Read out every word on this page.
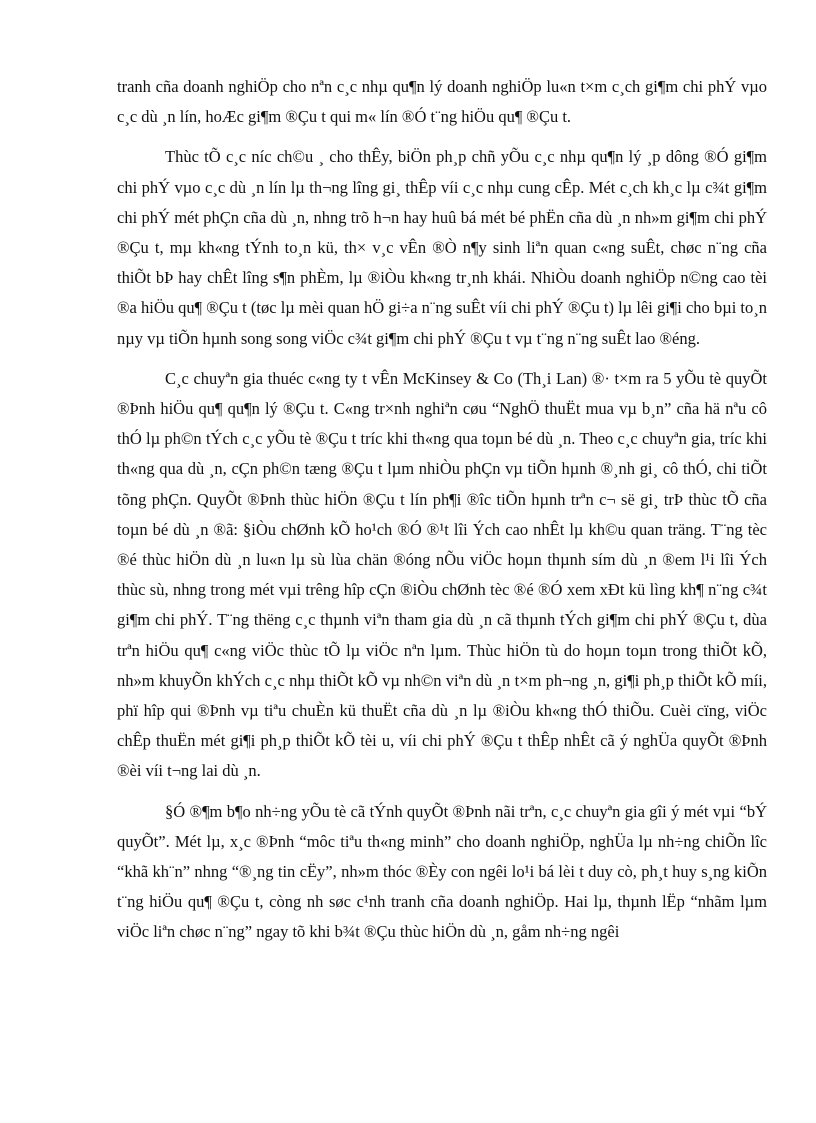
tranh cña doanh nghiÖp cho nªn c¸c nhµ qu¶n lý doanh nghiÖp lu«n t×m c¸ch gi¶m chi phÝ vµo c¸c dù ¸n lín, hoÆc gi¶m ®Çu t qui m« lín ®Ó t¨ng hiÖu qu¶ ®Çu t.

Thùc tÕ c¸c níc ch©u ¸ cho thÊy, biÖn ph¸p chñ yÕu c¸c nhµ qu¶n lý ¸p dông ®Ó gi¶m chi phÝ vµo c¸c dù ¸n lín lµ th¬ng lîng gi¸ thÊp víi c¸c nhµ cung cÊp. Mét c¸ch kh¸c lµ c¾t gi¶m chi phÝ mét phÇn cña dù ¸n, nhng trõ h¬n hay huû bá mét bé phËn cña dù ¸n nh»m gi¶m chi phÝ ®Çu t, mµ kh«ng tÝnh to¸n kü, th× v¸c vÊn ®Ò n¶y sinh liªn quan c«ng suÊt, chøc n¨ng cña thiÕt bÞ hay chÊt lîng s¶n phÈm, lµ ®iÒu kh«ng tr¸nh khái. NhiÒu doanh nghiÖp n©ng cao tèi ®a hiÖu qu¶ ®Çu t (tøc lµ mèi quan hÖ gi÷a n¨ng suÊt víi chi phÝ ®Çu t) lµ lêi gi¶i cho bµi to¸n nµy vµ tiÕn hµnh song song viÖc c¾t gi¶m chi phÝ ®Çu t vµ t¨ng n¨ng suÊt lao ®éng.

C¸c chuyªn gia thuéc c«ng ty t vÊn McKinsey & Co (Th¸i Lan) ®· t×m ra 5 yÕu tè quyÕt ®Þnh hiÖu qu¶ qu¶n lý ®Çu t. C«ng tr×nh nghiªn cøu “NghÖ thuËt mua vµ b¸n” cña hä nªu cô thÓ lµ ph©n tÝch c¸c yÕu tè ®Çu t tríc khi th«ng qua toµn bé dù ¸n. Theo c¸c chuyªn gia, tríc khi th«ng qua dù ¸n, cÇn ph©n tæng ®Çu t lµm nhiÒu phÇn vµ tiÕn hµnh ®¸nh gi¸ cô thÓ, chi tiÕt tõng phÇn. QuyÕt ®Þnh thùc hiÖn ®Çu t lín ph¶i ®îc tiÕn hµnh trªn c¬ së gi¸ trÞ thùc tÕ cña toµn bé dù ¸n ®ã: §iÒu chØnh kÕ ho¹ch ®Ó ®¹t lîi Ých cao nhÊt lµ kh©u quan träng. T¨ng tèc ®é thùc hiÖn dù ¸n lu«n lµ sù lùa chän ®óng nÕu viÖc hoµn thµnh sím dù ¸n ®em l¹i lîi Ých thùc sù, nhng trong mét vµi trêng hîp cÇn ®iÒu chØnh tèc ®é ®Ó xem xÐt kü lìng kh¶ n¨ng c¾t gi¶m chi phÝ. T¨ng thëng c¸c thµnh viªn tham gia dù ¸n cã thµnh tÝch gi¶m chi phÝ ®Çu t, dùa trªn hiÖu qu¶ c«ng viÖc thùc tÕ lµ viÖc nªn lµm. Thùc hiÖn tù do hoµn toµn trong thiÕt kÕ, nh»m khuyÕn khÝch c¸c nhµ thiÕt kÕ vµ nh©n viªn dù ¸n t×m ph¬ng ¸n, gi¶i ph¸p thiÕt kÕ míi, phï hîp qui ®Þnh vµ tiªu chuÈn kü thuËt cña dù ¸n lµ ®iÒu kh«ng thÓ thiÕu. Cuèi cïng, viÖc chÊp thuËn mét gi¶i ph¸p thiÕt kÕ tèi u, víi chi phÝ ®Çu t thÊp nhÊt cã ý nghÜa quyÕt ®Þnh ®èi víi t¬ng lai dù ¸n.

§Ó ®¶m b¶o nh÷ng yÕu tè cã tÝnh quyÕt ®Þnh nãi trªn, c¸c chuyªn gia gîi ý mét vµi “bÝ quyÕt”. Mét lµ, x¸c ®Þnh “môc tiªu th«ng minh” cho doanh nghiÖp, nghÜa lµ nh÷ng chiÕn lîc “khã kh¨n” nhng “®¸ng tin cËy”, nh»m thóc ®Èy con ngêi lo¹i bá lèi t duy cò, ph¸t huy s¸ng kiÕn t¨ng hiÖu qu¶ ®Çu t, còng nh søc c¹nh tranh cña doanh nghiÖp. Hai lµ, thµnh lËp “nhãm lµm viÖc liªn chøc n¨ng” ngay tõ khi b¾t ®Çu thùc hiÖn dù ¸n, gåm nh÷ng ngêi
